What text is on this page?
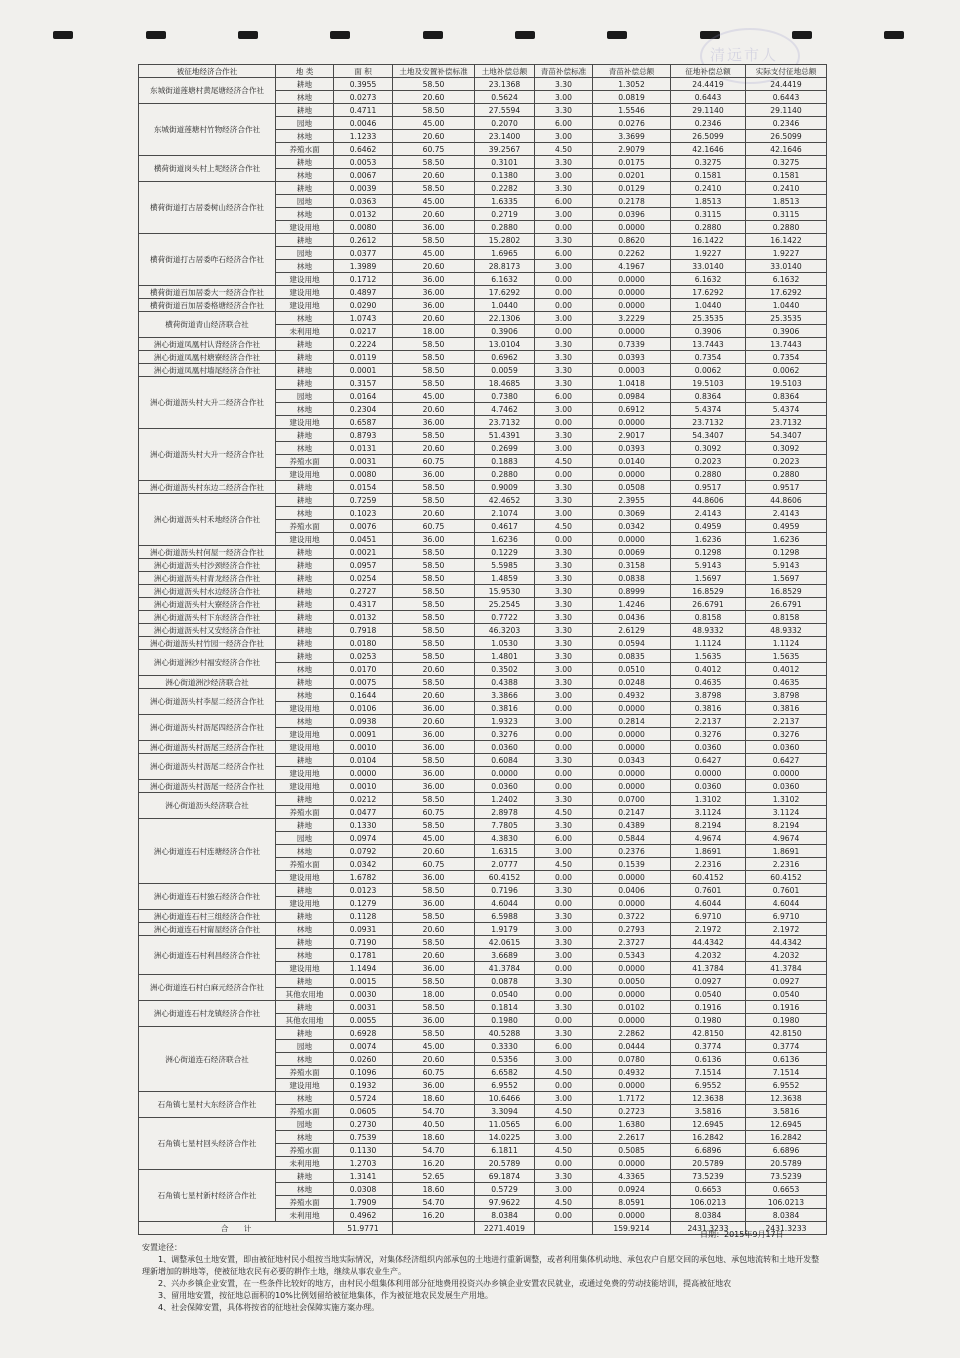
清远市人
被征地经济合作社	地 类	面 积	土地及安置补偿标准	土地补偿总额	青苗补偿标准	青苗补偿总额	征地补偿总额	实际支付征地总额
东城街道莲塘村黄尾塘经济合作社	耕地	0.3955	58.50	23.1368	3.30	1.3052	24.4419	24.4419
	林地	0.0273	20.60	0.5624	3.00	0.0819	0.6443	0.6443
东城街道莲塘村竹物经济合作社	耕地	0.4711	58.50	27.5594	3.30	1.5546	29.1140	29.1140
	园地	0.0046	45.00	0.2070	6.00	0.0276	0.2346	0.2346
	林地	1.1233	20.60	23.1400	3.00	3.3699	26.5099	26.5099
	养殖水面	0.6462	60.75	39.2567	4.50	2.9079	42.1646	42.1646
横荷街道岗头村上坭经济合作社	耕地	0.0053	58.50	0.3101	3.30	0.0175	0.3275	0.3275
	林地	0.0067	20.60	0.1380	3.00	0.0201	0.1581	0.1581
横荷街道打古居委树山经济合作社	耕地	0.0039	58.50	0.2282	3.30	0.0129	0.2410	0.2410
	园地	0.0363	45.00	1.6335	6.00	0.2178	1.8513	1.8513
	林地	0.0132	20.60	0.2719	3.00	0.0396	0.3115	0.3115
	建设用地	0.0080	36.00	0.2880	0.00	0.0000	0.2880	0.2880
横荷街道打古居委咋石经济合作社	耕地	0.2612	58.50	15.2802	3.30	0.8620	16.1422	16.1422
	园地	0.0377	45.00	1.6965	6.00	0.2262	1.9227	1.9227
	林地	1.3989	20.60	28.8173	3.00	4.1967	33.0140	33.0140
	建设用地	0.1712	36.00	6.1632	0.00	0.0000	6.1632	6.1632
横荷街道百加居委大一经济合作社	建设用地	0.4897	36.00	17.6292	0.00	0.0000	17.6292	17.6292
横荷街道百加居委格塘经济合作社	建设用地	0.0290	36.00	1.0440	0.00	0.0000	1.0440	1.0440
横荷街道青山经济联合社	林地	1.0743	20.60	22.1306	3.00	3.2229	25.3535	25.3535
	未利用地	0.0217	18.00	0.3906	0.00	0.0000	0.3906	0.3906
洲心街道凤凰村认背经济合作社	耕地	0.2224	58.50	13.0104	3.30	0.7339	13.7443	13.7443
洲心街道凤凰村塘寮经济合作社	耕地	0.0119	58.50	0.6962	3.30	0.0393	0.7354	0.7354
洲心街道凤凰村墙尾经济合作社	耕地	0.0001	58.50	0.0059	3.30	0.0003	0.0062	0.0062
洲心街道沥头村大升二经济合作社	耕地	0.3157	58.50	18.4685	3.30	1.0418	19.5103	19.5103
	园地	0.0164	45.00	0.7380	6.00	0.0984	0.8364	0.8364
	林地	0.2304	20.60	4.7462	3.00	0.6912	5.4374	5.4374
	建设用地	0.6587	36.00	23.7132	0.00	0.0000	23.7132	23.7132
洲心街道沥头村大升一经济合作社	耕地	0.8793	58.50	51.4391	3.30	2.9017	54.3407	54.3407
	林地	0.0131	20.60	0.2699	3.00	0.0393	0.3092	0.3092
	养殖水面	0.0031	60.75	0.1883	4.50	0.0140	0.2023	0.2023
	建设用地	0.0080	36.00	0.2880	0.00	0.0000	0.2880	0.2880
洲心街道沥头村东边二经济合作社	耕地	0.0154	58.50	0.9009	3.30	0.0508	0.9517	0.9517
洲心街道沥头村禾地经济合作社	耕地	0.7259	58.50	42.4652	3.30	2.3955	44.8606	44.8606
	林地	0.1023	20.60	2.1074	3.00	0.3069	2.4143	2.4143
	养殖水面	0.0076	60.75	0.4617	4.50	0.0342	0.4959	0.4959
	建设用地	0.0451	36.00	1.6236	0.00	0.0000	1.6236	1.6236
洲心街道沥头村何屋一经济合作社	耕地	0.0021	58.50	0.1229	3.30	0.0069	0.1298	0.1298
洲心街道沥头村沙颈经济合作社	耕地	0.0957	58.50	5.5985	3.30	0.3158	5.9143	5.9143
洲心街道沥头村青龙经济合作社	耕地	0.0254	58.50	1.4859	3.30	0.0838	1.5697	1.5697
洲心街道沥头村水边经济合作社	耕地	0.2727	58.50	15.9530	3.30	0.8999	16.8529	16.8529
洲心街道沥头村大寮经济合作社	耕地	0.4317	58.50	25.2545	3.30	1.4246	26.6791	26.6791
洲心街道沥头村下东经济合作社	耕地	0.0132	58.50	0.7722	3.30	0.0436	0.8158	0.8158
洲心街道沥头村又安经济合作社	耕地	0.7918	58.50	46.3203	3.30	2.6129	48.9332	48.9332
洲心街道沥头村竹园一经济合作社	耕地	0.0180	58.50	1.0530	3.30	0.0594	1.1124	1.1124
洲心街道洲沙村福安经济合作社	耕地	0.0253	58.50	1.4801	3.30	0.0835	1.5635	1.5635
	林地	0.0170	20.60	0.3502	3.00	0.0510	0.4012	0.4012
洲心街道洲沙经济联合社	耕地	0.0075	58.50	0.4388	3.30	0.0248	0.4635	0.4635
洲心街道沥头村李屋二经济合作社	林地	0.1644	20.60	3.3866	3.00	0.4932	3.8798	3.8798
	建设用地	0.0106	36.00	0.3816	0.00	0.0000	0.3816	0.3816
洲心街道沥头村沥尾四经济合作社	林地	0.0938	20.60	1.9323	3.00	0.2814	2.2137	2.2137
	建设用地	0.0091	36.00	0.3276	0.00	0.0000	0.3276	0.3276
洲心街道沥头村沥尾三经济合作社	建设用地	0.0010	36.00	0.0360	0.00	0.0000	0.0360	0.0360
洲心街道沥头村沥尾二经济合作社	耕地	0.0104	58.50	0.6084	3.30	0.0343	0.6427	0.6427
	建设用地	0.0000	36.00	0.0000	0.00	0.0000	0.0000	0.0000
洲心街道沥头村沥尾一经济合作社	建设用地	0.0010	36.00	0.0360	0.00	0.0000	0.0360	0.0360
洲心街道沥头经济联合社	耕地	0.0212	58.50	1.2402	3.30	0.0700	1.3102	1.3102
	养殖水面	0.0477	60.75	2.8978	4.50	0.2147	3.1124	3.1124
洲心街道连石村连塘经济合作社	耕地	0.1330	58.50	7.7805	3.30	0.4389	8.2194	8.2194
	园地	0.0974	45.00	4.3830	6.00	0.5844	4.9674	4.9674
	林地	0.0792	20.60	1.6315	3.00	0.2376	1.8691	1.8691
	养殖水面	0.0342	60.75	2.0777	4.50	0.1539	2.2316	2.2316
	建设用地	1.6782	36.00	60.4152	0.00	0.0000	60.4152	60.4152
洲心街道连石村独石经济合作社	耕地	0.0123	58.50	0.7196	3.30	0.0406	0.7601	0.7601
	建设用地	0.1279	36.00	4.6044	0.00	0.0000	4.6044	4.6044
洲心街道连石村三组经济合作社	耕地	0.1128	58.50	6.5988	3.30	0.3722	6.9710	6.9710
洲心街道连石村甯屋经济合作社	林地	0.0931	20.60	1.9179	3.00	0.2793	2.1972	2.1972
洲心街道连石村利昌经济合作社	耕地	0.7190	58.50	42.0615	3.30	2.3727	44.4342	44.4342
	林地	0.1781	20.60	3.6689	3.00	0.5343	4.2032	4.2032
	建设用地	1.1494	36.00	41.3784	0.00	0.0000	41.3784	41.3784
洲心街道连石村白麻元经济合作社	耕地	0.0015	58.50	0.0878	3.30	0.0050	0.0927	0.0927
	其他农用地	0.0030	18.00	0.0540	0.00	0.0000	0.0540	0.0540
洲心街道连石村龙镇经济合作社	耕地	0.0031	58.50	0.1814	3.30	0.0102	0.1916	0.1916
	其他农用地	0.0055	36.00	0.1980	0.00	0.0000	0.1980	0.1980
洲心街道连石经济联合社	耕地	0.6928	58.50	40.5288	3.30	2.2862	42.8150	42.8150
	园地	0.0074	45.00	0.3330	6.00	0.0444	0.3774	0.3774
	林地	0.0260	20.60	0.5356	3.00	0.0780	0.6136	0.6136
	养殖水面	0.1096	60.75	6.6582	4.50	0.4932	7.1514	7.1514
	建设用地	0.1932	36.00	6.9552	0.00	0.0000	6.9552	6.9552
石角镇七星村大东经济合作社	林地	0.5724	18.60	10.6466	3.00	1.7172	12.3638	12.3638
	养殖水面	0.0605	54.70	3.3094	4.50	0.2723	3.5816	3.5816
石角镇七星村回头经济合作社	园地	0.2730	40.50	11.0565	6.00	1.6380	12.6945	12.6945
	林地	0.7539	18.60	14.0225	3.00	2.2617	16.2842	16.2842
	养殖水面	0.1130	54.70	6.1811	4.50	0.5085	6.6896	6.6896
	未利用地	1.2703	16.20	20.5789	0.00	0.0000	20.5789	20.5789
石角镇七星村新村经济合作社	耕地	1.3141	52.65	69.1874	3.30	4.3365	73.5239	73.5239
	林地	0.0308	18.60	0.5729	3.00	0.0924	0.6653	0.6653
	养殖水面	1.7909	54.70	97.9622	4.50	8.0591	106.0213	106.0213
	未利用地	0.4962	16.20	8.0384	0.00	0.0000	8.0384	8.0384
合　　计		51.9771		2271.4019		159.9214	2431.3233	2431.3233
日期：2015年9月17日

安置途径：

1、调整承包土地安置，即由被征地村民小组按当地实际情况，对集体经济组织内部承包的土地进行重新调整，或者利用集体机动地、承包农户自愿交回的承包地、承包地流转和土地开发整理新增加的耕地等，使被征地农民有必要的耕作土地，继续从事农业生产。

2、兴办乡镇企业安置，在一些条件比较好的地方，由村民小组集体利用部分征地费用投资兴办乡镇企业安置农民就业，或通过免费的劳动技能培训，提高被征地农

3、留用地安置，按征地总面积的10%比例划留给被征地集体，作为被征地农民发展生产用地。

4、社会保障安置，具体将按省的征地社会保障实施方案办理。
